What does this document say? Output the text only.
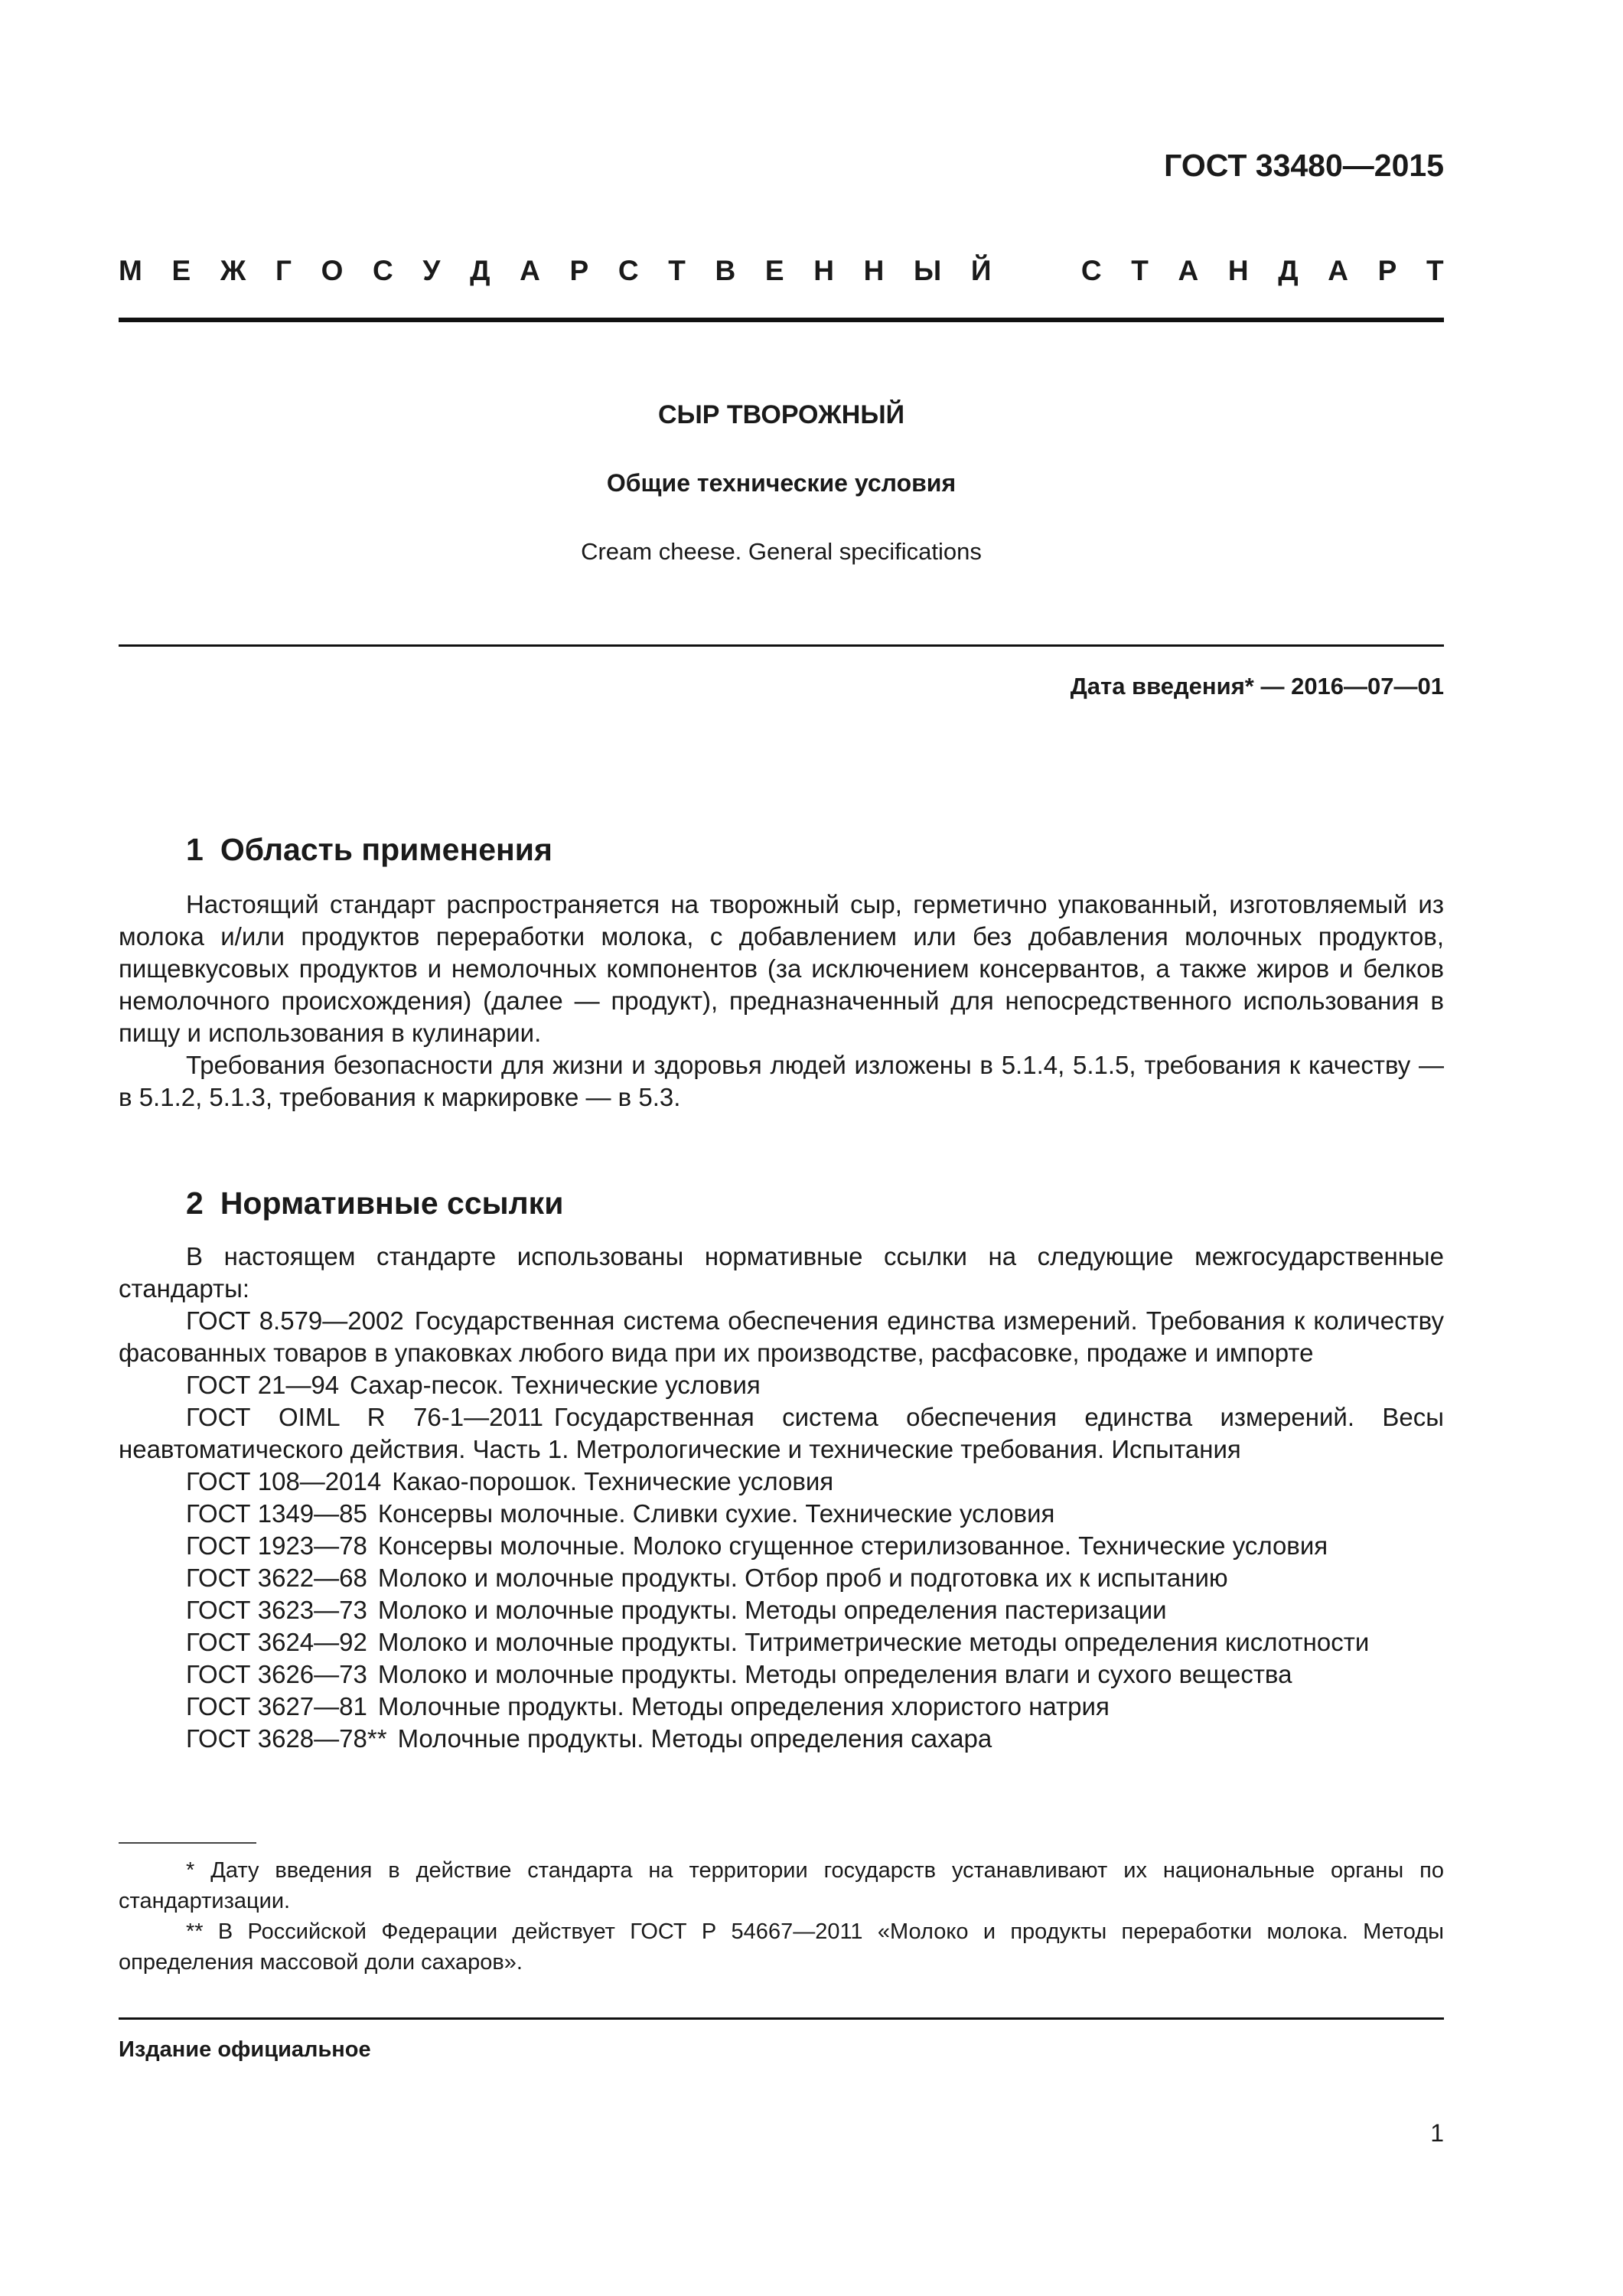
ГОСТ 33480—2015

М Е Ж Г О С У Д А Р С Т В Е Н Н Ы Й	С Т А Н Д А Р Т
СЫР ТВОРОЖНЫЙ

Общие технические условия

Cream cheese. General specifications

Дата введения* — 2016—07—01

1 Область применения

Настоящий стандарт распространяется на творожный сыр, герметично упакованный, изготовляемый из молока и/или продуктов переработки молока, с добавлением или без добавления молочных продуктов, пищевкусовых продуктов и немолочных компонентов (за исключением консервантов, а также жиров и белков немолочного происхождения) (далее — продукт), предназначенный для непосредственного использования в пищу и использования в кулинарии.

Требования безопасности для жизни и здоровья людей изложены в 5.1.4, 5.1.5, требования к качеству — в 5.1.2, 5.1.3, требования к маркировке — в 5.3.

2 Нормативные ссылки

В настоящем стандарте использованы нормативные ссылки на следующие межгосударственные стандарты:

ГОСТ 8.579—2002 Государственная система обеспечения единства измерений. Требования к количеству фасованных товаров в упаковках любого вида при их производстве, расфасовке, продаже и импорте
ГОСТ 21—94 Сахар-песок. Технические условия
ГОСТ OIML R 76-1—2011 Государственная система обеспечения единства измерений. Весы неавтоматического действия. Часть 1. Метрологические и технические требования. Испытания
ГОСТ 108—2014 Какао-порошок. Технические условия
ГОСТ 1349—85 Консервы молочные. Сливки сухие. Технические условия
ГОСТ 1923—78 Консервы молочные. Молоко сгущенное стерилизованное. Технические условия
ГОСТ 3622—68 Молоко и молочные продукты. Отбор проб и подготовка их к испытанию
ГОСТ 3623—73 Молоко и молочные продукты. Методы определения пастеризации
ГОСТ 3624—92 Молоко и молочные продукты. Титриметрические методы определения кислотности
ГОСТ 3626—73 Молоко и молочные продукты. Методы определения влаги и сухого вещества
ГОСТ 3627—81 Молочные продукты. Методы определения хлористого натрия
ГОСТ 3628—78** Молочные продукты. Методы определения сахара

* Дату введения в действие стандарта на территории государств устанавливают их национальные органы по стандартизации.

** В Российской Федерации действует ГОСТ Р 54667—2011 «Молоко и продукты переработки молока. Методы определения массовой доли сахаров».

Издание официальное

1
